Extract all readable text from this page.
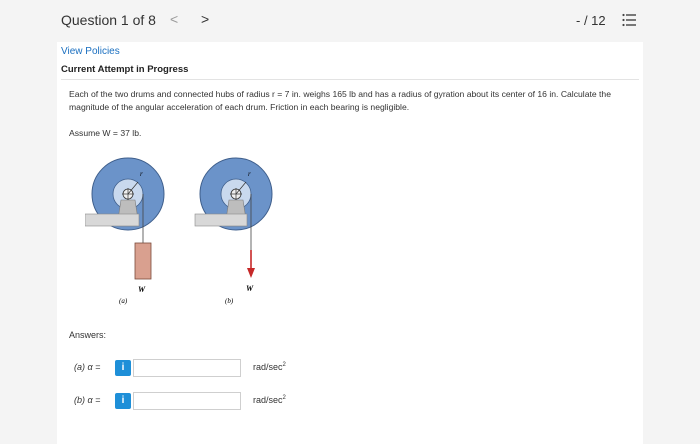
Question 1 of 8 < >	- / 12
View Policies
Current Attempt in Progress
Each of the two drums and connected hubs of radius r = 7 in. weighs 165 lb and has a radius of gyration about its center of 16 in. Calculate the magnitude of the angular acceleration of each drum. Friction in each bearing is negligible.
Assume W = 37 lb.
r
W
(a)
r
W
(b)
Answers:
(a) α =	i	rad/$\sec^2$
(b) α =	i	rad/$\sec^2$
